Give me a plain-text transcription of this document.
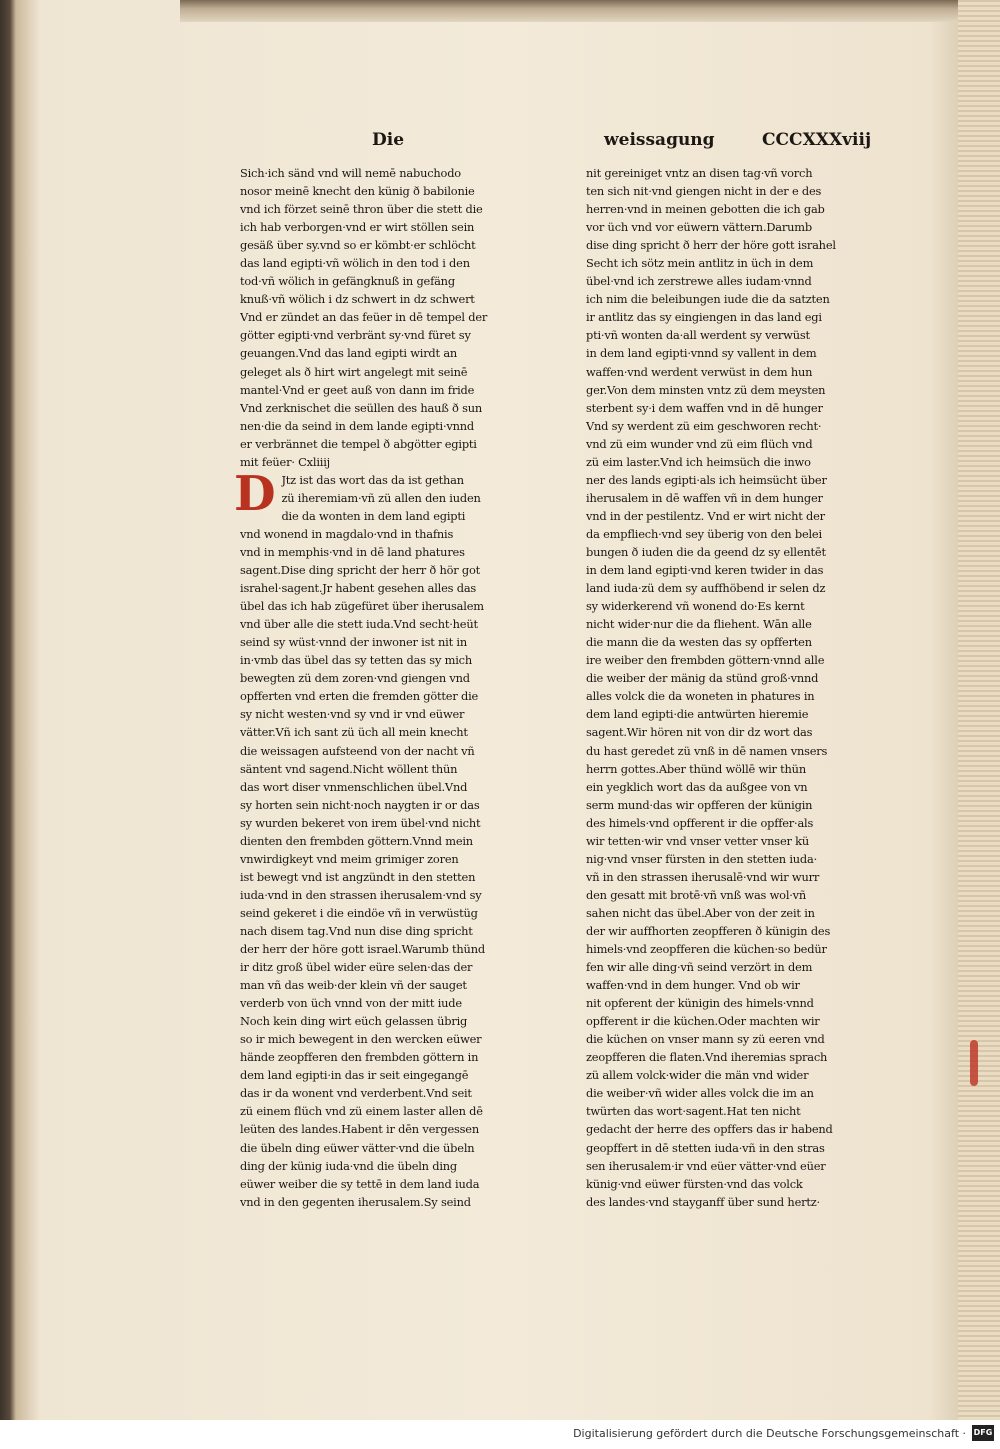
Die	weissagung	CCCXXXviij
Sich·ich sänd vnd will nemē nabuchodo
nosor meinē knecht den künig ð babilonie
vnd ich förzet seinē thron über die stett die
ich hab verborgen·vnd er wirt stöllen sein
gesäß über sy.vnd so er kömbt·er schlöcht
das land egipti·vñ wölich in den tod i den
tod·vñ wölich in gefängknuß in gefäng
knuß·vñ wölich i dz schwert in dz schwert
Vnd er zündet an das feüer in dē tempel der
götter egipti·vnd verbränt sy·vnd füret sy
geuangen.Vnd das land egipti wirdt an
geleget als ð hirt wirt angelegt mit seinē
mantel·Vnd er geet auß von dann im fride
Vnd zerknischet die seüllen des hauß ð sun
nen·die da seind in dem lande egipti·vnnd
er verbrännet die tempel ð abgötter egipti
mit feüer· Cxliiij
D Jtz ist das wort das da ist gethan
zü iheremiam·vñ zü allen den iuden
die da wonten in dem land egipti
vnd wonend in magdalo·vnd in thafnis
vnd in memphis·vnd in dē land phatures
sagent.Dise ding spricht der herr ð hör got
israhel·sagent.Jr habent gesehen alles das
übel das ich hab zügefüret über iherusalem
vnd über alle die stett iuda.Vnd secht·heüt
seind sy wüst·vnnd der inwoner ist nit in
in·vmb das übel das sy tetten das sy mich
bewegten zü dem zoren·vnd giengen vnd
opfferten vnd erten die fremden götter die
sy nicht westen·vnd sy vnd ir vnd eüwer
vätter.Vñ ich sant zü üch all mein knecht
die weissagen aufsteend von der nacht vñ
säntent vnd sagend.Nicht wöllent thün
das wort diser vnmenschlichen übel.Vnd
sy horten sein nicht·noch naygten ir or das
sy wurden bekeret von irem übel·vnd nicht
dienten den frembden göttern.Vnnd mein
vnwirdigkeyt vnd meim grimiger zoren
ist bewegt vnd ist angzündt in den stetten
iuda·vnd in den strassen iherusalem·vnd sy
seind gekeret i die eindöe vñ in verwüstüg
nach disem tag.Vnd nun dise ding spricht
der herr der höre gott israel.Warumb thünd
ir ditz groß übel wider eüre selen·das der
man vñ das weib·der klein vñ der sauget
verderb von üch vnnd von der mitt iude
Noch kein ding wirt eüch gelassen übrig
so ir mich bewegent in den wercken eüwer
hände zeopfferen den frembden göttern in
dem land egipti·in das ir seit eingegangē
das ir da wonent vnd verderbent.Vnd seit
zü einem flüch vnd zü einem laster allen dē
leüten des landes.Habent ir dēn vergessen
die übeln ding eüwer vätter·vnd die übeln
ding der künig iuda·vnd die übeln ding
eüwer weiber die sy tettē in dem land iuda
vnd in den gegenten iherusalem.Sy seind
nit gereiniget vntz an disen tag·vñ vorch
ten sich nit·vnd giengen nicht in der e des
herren·vnd in meinen gebotten die ich gab
vor üch vnd vor eüwern vättern.Darumb
dise ding spricht ð herr der höre gott israhel
Secht ich sötz mein antlitz in üch in dem
übel·vnd ich zerstrewe alles iudam·vnnd
ich nim die beleibungen iude die da satzten
ir antlitz das sy eingiengen in das land egi
pti·vñ wonten da·all werdent sy verwüst
in dem land egipti·vnnd sy vallent in dem
waffen·vnd werdent verwüst in dem hun
ger.Von dem minsten vntz zü dem meysten
sterbent sy·i dem waffen vnd in dē hunger
Vnd sy werdent zü eim geschworen recht·
vnd zü eim wunder vnd zü eim flüch vnd
zü eim laster.Vnd ich heimsüch die inwo
ner des lands egipti·als ich heimsücht über
iherusalem in dē waffen vñ in dem hunger
vnd in der pestilentz. Vnd er wirt nicht der
da empfliech·vnd sey überig von den belei
bungen ð iuden die da geend dz sy ellentēt
in dem land egipti·vnd keren twider in das
land iuda·zü dem sy auffhöbend ir selen dz
sy widerkerend vñ wonend do·Es kernt
nicht wider·nur die da fliehent. Wān alle
die mann die da westen das sy opfferten
ire weiber den frembden göttern·vnnd alle
die weiber der mänig da stünd groß·vnnd
alles volck die da woneten in phatures in
dem land egipti·die antwürten hieremie
sagent.Wir hören nit von dir dz wort das
du hast geredet zü vnß in dē namen vnsers
herrn gottes.Aber thünd wöllē wir thün
ein yegklich wort das da außgee von vn
serm mund·das wir opfferen der künigin
des himels·vnd opfferent ir die opffer·als
wir tetten·wir vnd vnser vetter vnser kü
nig·vnd vnser fürsten in den stetten iuda·
vñ in den strassen iherusalē·vnd wir wurr
den gesatt mit brotē·vñ vnß was wol·vñ
sahen nicht das übel.Aber von der zeit in
der wir auffhorten zeopfferen ð künigin des
himels·vnd zeopfferen die küchen·so bedür
fen wir alle ding·vñ seind verzört in dem
waffen·vnd in dem hunger. Vnd ob wir
nit opferent der künigin des himels·vnnd
opfferent ir die küchen.Oder machten wir
die küchen on vnser mann sy zü eeren vnd
zeopfferen die flaten.Vnd iheremias sprach
zü allem volck·wider die män vnd wider
die weiber·vñ wider alles volck die im an
twürten das wort·sagent.Hat ten nicht
gedacht der herre des opffers das ir habend
geopffert in dē stetten iuda·vñ in den stras
sen iherusalem·ir vnd eüer vätter·vnd eüer
künig·vnd eüwer fürsten·vnd das volck
des landes·vnd stayganff über sund hertz·
Digitalisierung gefördert durch die Deutsche Forschungsgemeinschaft · DFG
